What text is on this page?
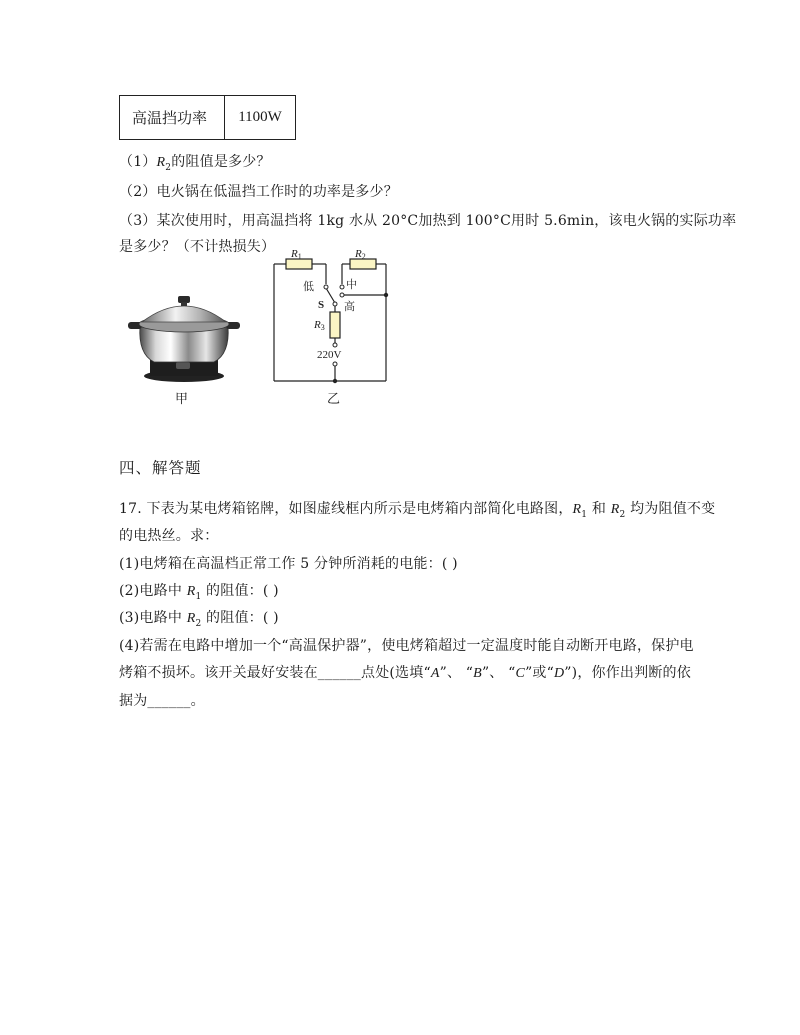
高温挡功率	1100W
$(1)R_2$的阻值是多少？
（2）电火锅在低温挡工作时的功率是多少？
（3）某次使用时，用高温挡将 1kg 水从 20°C加热到 100°C用时 5.6min，该电火锅的实际功率
是多少？（不计热损失）
甲
R1	R2
R3
S
低	中
高
220V
乙
四、解答题
17. 下表为某电烤箱铭牌，如图虚线框内所示是电烤箱内部简化电路图，$R_1$ 和 $R_2$ 均为阻值不变
的电热丝。求：
(1)电烤箱在高温档正常工作 5 分钟所消耗的电能：( )
(2)电路中 $R_1$ 的阻值：( )
(3)电路中 $R_2$ 的阻值：( )
(4)若需在电路中增加一个“高温保护器”，使电烤箱超过一定温度时能自动断开电路，保护电
烤箱不损坏。该开关最好安装在______点处(选填“A”、 “B”、 “C”或“D”)，你作出判断的依
据为______。
